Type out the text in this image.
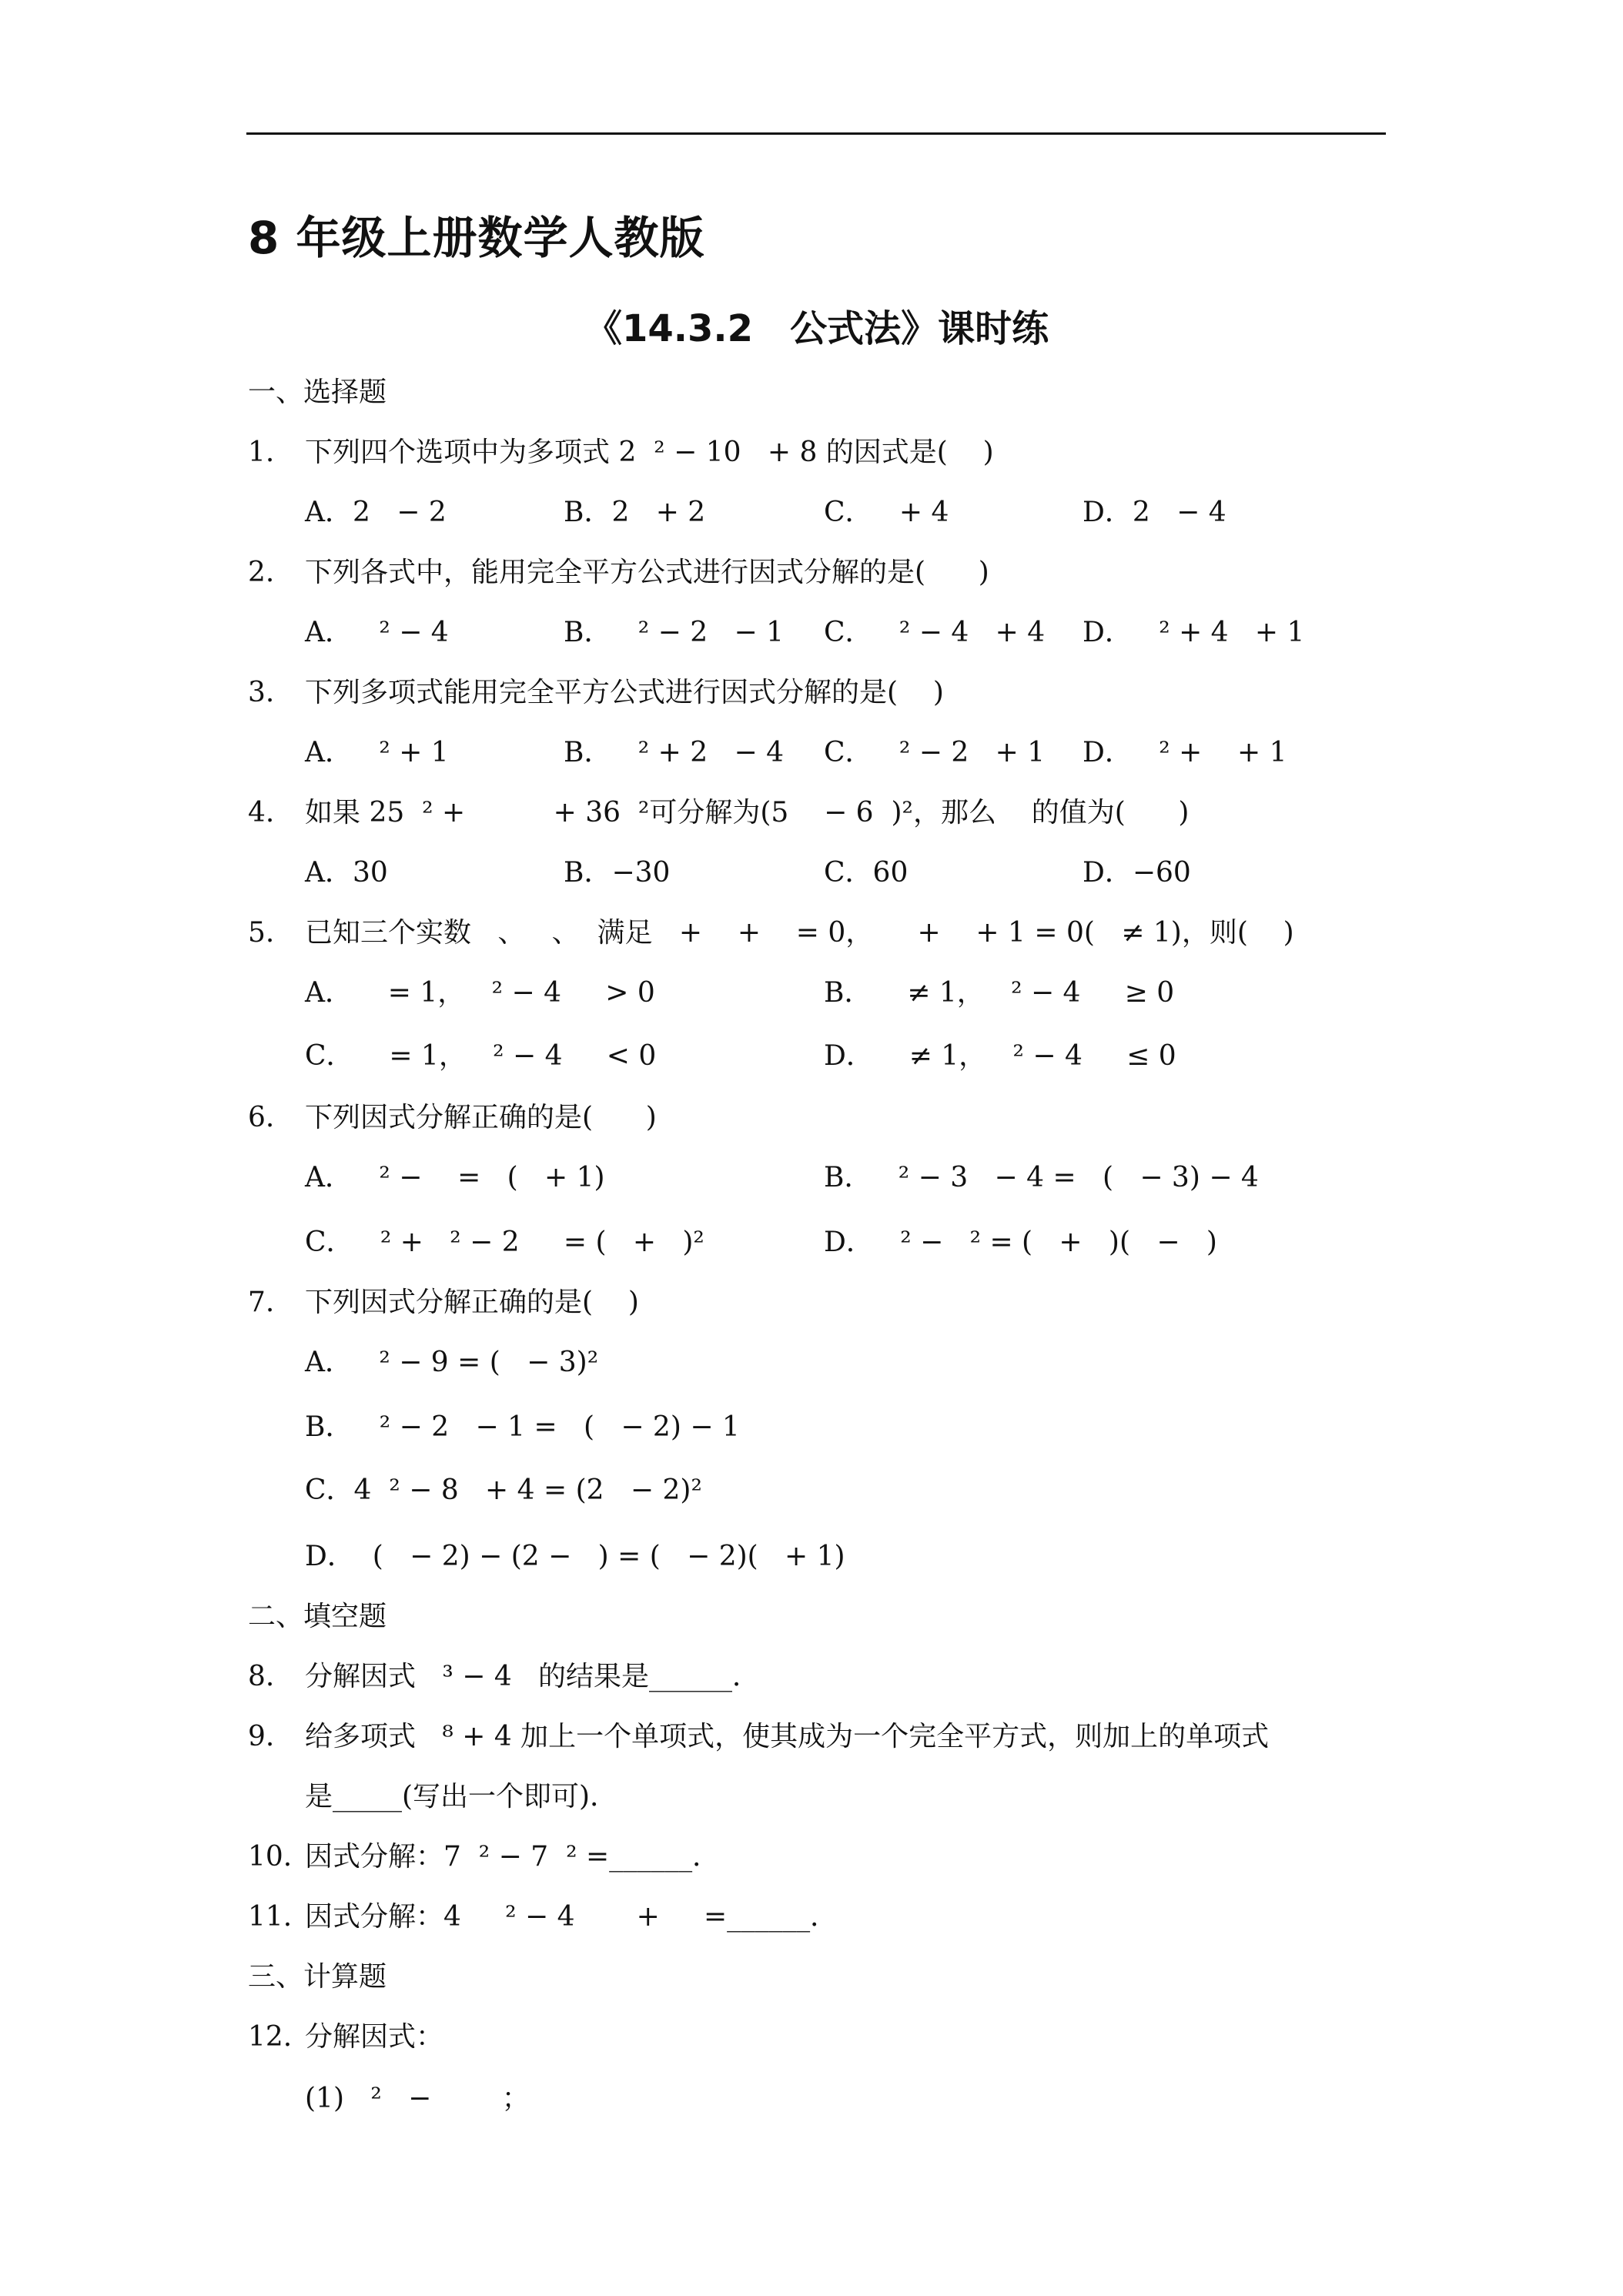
8 年级上册数学人教版
《14.3.2　公式法》课时练
一、选择题
1. 下列四个选项中为多项式 2  ² − 10   + 8 的因式是(    )
A．2   − 2	B．2   + 2	C．   + 4	D．2   − 4
2. 下列各式中，能用完全平方公式进行因式分解的是(      )
A．   ² − 4	B．   ² − 2   − 1 C．   ² − 4   + 4 D．   ² + 4   + 1
3. 下列多项式能用完全平方公式进行因式分解的是(    )
A．   ² + 1	B．   ² + 2   − 4 C．   ² − 2   + 1 D．   ² +    + 1
4. 如果 25  ² +          + 36  ²可分解为(5    − 6  )²，那么    的值为(      )
A．30	B．−30	C．60	D．−60
5. 已知三个实数   、   、  满足   +    +    = 0，     +    + 1 = 0(   ≠ 1)，则(    )
A．    = 1，   ² − 4     > 0	B．    ≠ 1，   ² − 4     ≥ 0
C．    = 1，   ² − 4     < 0	D．    ≠ 1，   ² − 4     ≤ 0
6. 下列因式分解正确的是(      )
A．   ² −    =   (   + 1)	B．   ² − 3   − 4 =   (   − 3) − 4
C．   ² +   ² − 2     = (   +   )²	D．   ² −   ² = (   +   )(   −   )
7. 下列因式分解正确的是(    )
A．   ² − 9 = (   − 3)²
B．   ² − 2   − 1 =   (   − 2) − 1
C．4  ² − 8   + 4 = (2   − 2)²
D．  (   − 2) − (2 −   ) = (   − 2)(   + 1)
二、填空题
8. 分解因式   ³ − 4   的结果是______．
9. 给多项式   ⁸ + 4 加上一个单项式，使其成为一个完全平方式，则加上的单项式
是_____(写出一个即可)．
10. 因式分解：7  ² − 7  ² =______．
11. 因式分解：4     ² − 4       +     =______．
三、计算题
12. 分解因式：
(1)   ²   −        ；
